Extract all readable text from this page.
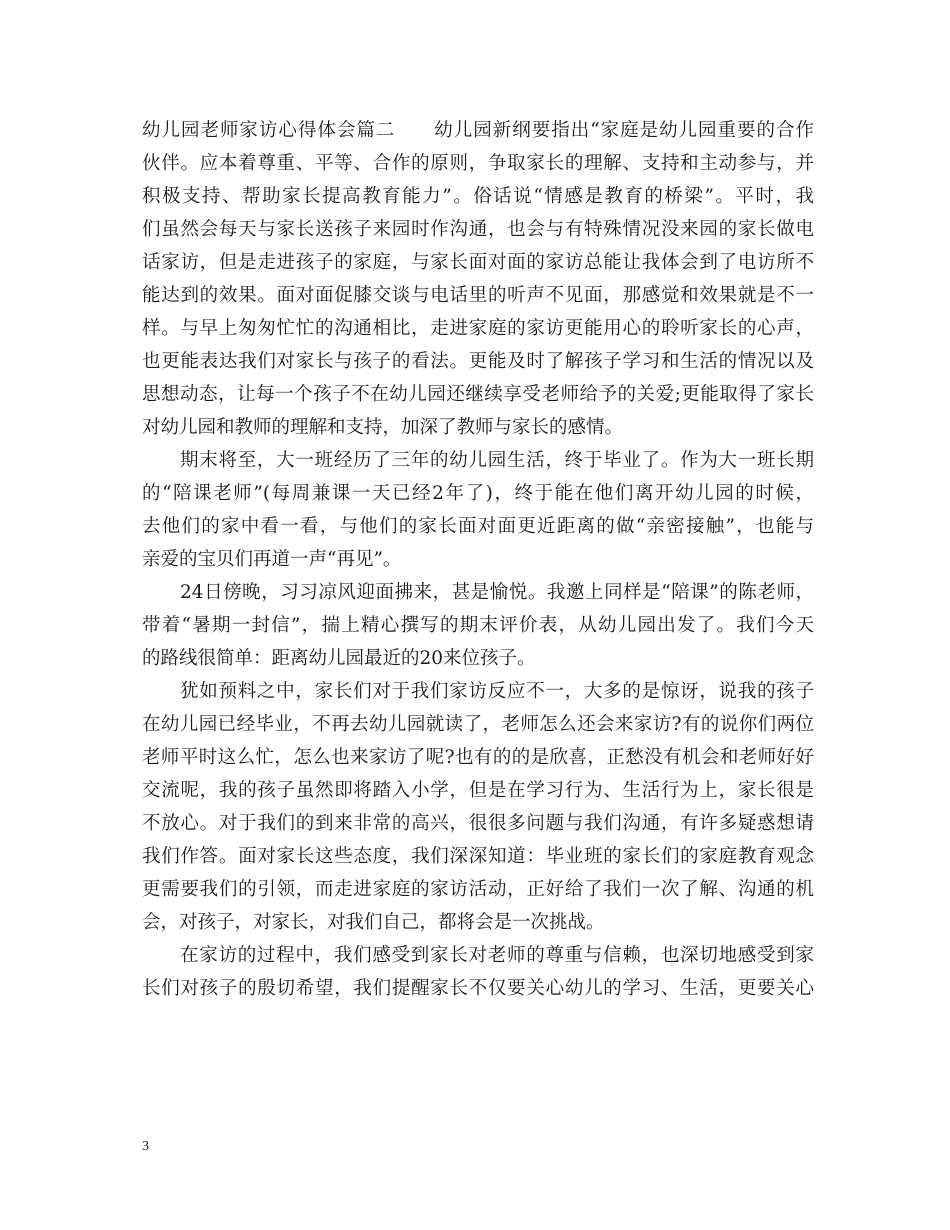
幼儿园老师家访心得体会篇二　　幼儿园新纲要指出“家庭是幼儿园重要的合作
伙伴。应本着尊重、平等、合作的原则，争取家长的理解、支持和主动参与，并
积极支持、帮助家长提高教育能力”。俗话说“情感是教育的桥梁”。平时，我
们虽然会每天与家长送孩子来园时作沟通，也会与有特殊情况没来园的家长做电
话家访，但是走进孩子的家庭，与家长面对面的家访总能让我体会到了电访所不
能达到的效果。面对面促膝交谈与电话里的听声不见面，那感觉和效果就是不一
样。与早上匆匆忙忙的沟通相比，走进家庭的家访更能用心的聆听家长的心声，
也更能表达我们对家长与孩子的看法。更能及时了解孩子学习和生活的情况以及
思想动态，让每一个孩子不在幼儿园还继续享受老师给予的关爱;更能取得了家长
对幼儿园和教师的理解和支持，加深了教师与家长的感情。
期末将至，大一班经历了三年的幼儿园生活，终于毕业了。作为大一班长期
的“陪课老师”(每周兼课一天已经2年了)，终于能在他们离开幼儿园的时候，
去他们的家中看一看，与他们的家长面对面更近距离的做“亲密接触”，也能与
亲爱的宝贝们再道一声“再见”。
24日傍晚，习习凉风迎面拂来，甚是愉悦。我邀上同样是“陪课”的陈老师，
带着“暑期一封信”，揣上精心撰写的期末评价表，从幼儿园出发了。我们今天
的路线很简单：距离幼儿园最近的20来位孩子。
犹如预料之中，家长们对于我们家访反应不一，大多的是惊讶，说我的孩子
在幼儿园已经毕业，不再去幼儿园就读了，老师怎么还会来家访?有的说你们两位
老师平时这么忙，怎么也来家访了呢?也有的的是欣喜，正愁没有机会和老师好好
交流呢，我的孩子虽然即将踏入小学，但是在学习行为、生活行为上，家长很是
不放心。对于我们的到来非常的高兴，很很多问题与我们沟通，有许多疑惑想请
我们作答。面对家长这些态度，我们深深知道：毕业班的家长们的家庭教育观念
更需要我们的引领，而走进家庭的家访活动，正好给了我们一次了解、沟通的机
会，对孩子，对家长，对我们自己，都将会是一次挑战。
在家访的过程中，我们感受到家长对老师的尊重与信赖，也深切地感受到家
长们对孩子的殷切希望，我们提醒家长不仅要关心幼儿的学习、生活，更要关心
3
